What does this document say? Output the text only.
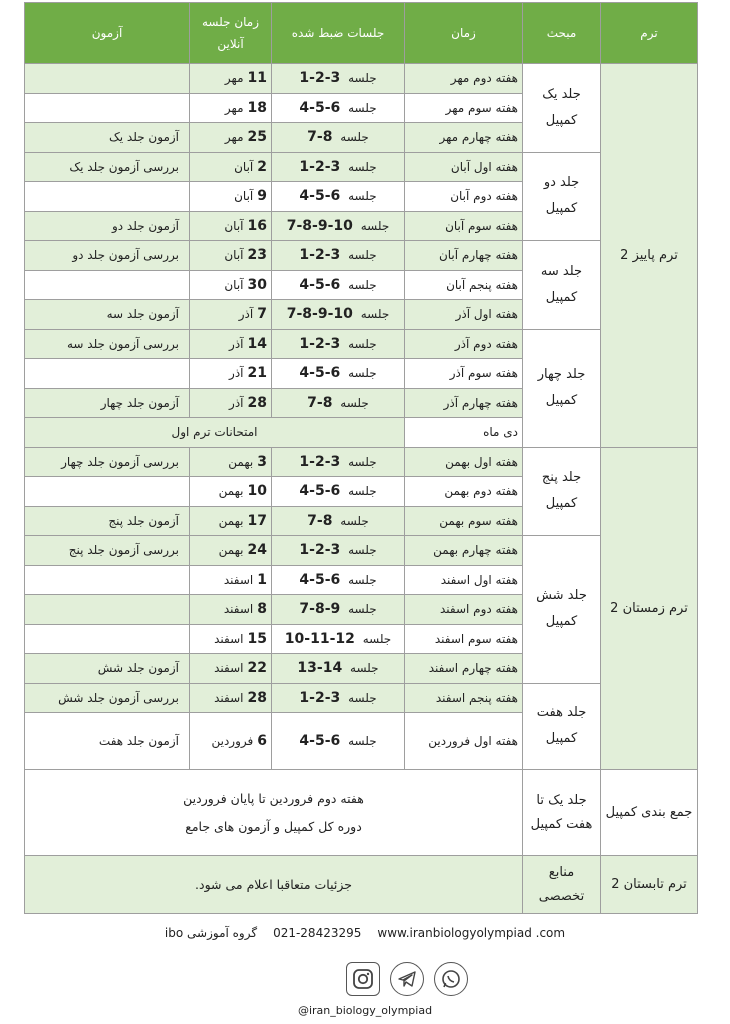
ترم	مبحث	زمان	جلسات ضبط شده	زمان جلسه آنلاین	آزمون
ترم پاییز 2	جلد یک کمپیل	هفته دوم مهر	جلسه 3-2-1	11مهر	
		هفته سوم مهر	جلسه 6-5-4	18مهر	
		هفته چهارم مهر	جلسه 8-7	25مهر	آزمون جلد یک
	جلد دو کمپیل	هفته اول آبان	جلسه 3-2-1	2آبان	بررسی آزمون جلد یک
		هفته دوم آبان	جلسه 6-5-4	9آبان	
		هفته سوم آبان	جلسه 10-9-8-7	16آبان	آزمون جلد دو
	جلد سه کمپیل	هفته چهارم آبان	جلسه 3-2-1	23آبان	بررسی آزمون جلد دو
		هفته پنجم آبان	جلسه 6-5-4	30آبان	
		هفته اول آذر	جلسه 10-9-8-7	7آذر	آزمون جلد سه
	جلد چهار کمپیل	هفته دوم آذر	جلسه 3-2-1	14آذر	بررسی آزمون جلد سه
		هفته سوم آذر	جلسه 6-5-4	21آذر	
		هفته چهارم آذر	جلسه 8-7	28آذر	آزمون جلد چهار
		دی ماه	امتحانات ترم اول		
ترم زمستان 2	جلد پنج کمپیل	هفته اول بهمن	جلسه 3-2-1	3بهمن	بررسی آزمون جلد چهار
		هفته دوم بهمن	جلسه 6-5-4	10بهمن	
		هفته سوم بهمن	جلسه 8-7	17بهمن	آزمون جلد پنج
	جلد شش کمپیل	هفته چهارم بهمن	جلسه 3-2-1	24بهمن	بررسی آزمون جلد پنج
		هفته اول اسفند	جلسه 6-5-4	1اسفند	
		هفته دوم اسفند	جلسه 9-8-7	8اسفند	
		هفته سوم اسفند	جلسه 12-11-10	15اسفند	
		هفته چهارم اسفند	جلسه 14-13	22اسفند	آزمون جلد شش
	جلد هفت کمپیل	هفته پنجم اسفند	جلسه 3-2-1	28اسفند	بررسی آزمون جلد شش
		هفته اول فروردین	جلسه 6-5-4	6فروردین	آزمون جلد هفت
جمع بندی کمپیل	جلد یک تا هفت کمپیل	هفته دوم فروردین تا پایان فروردین
دوره کل کمپیل و آزمون های جامع			

ترم تابستان 2	منابع تخصصی	جزئیات متعاقبا اعلام می شود.			
گروه آموزشی ibo 021-28423295 www.iranbiologyolympiad .com
@iran_biology_olympiad
